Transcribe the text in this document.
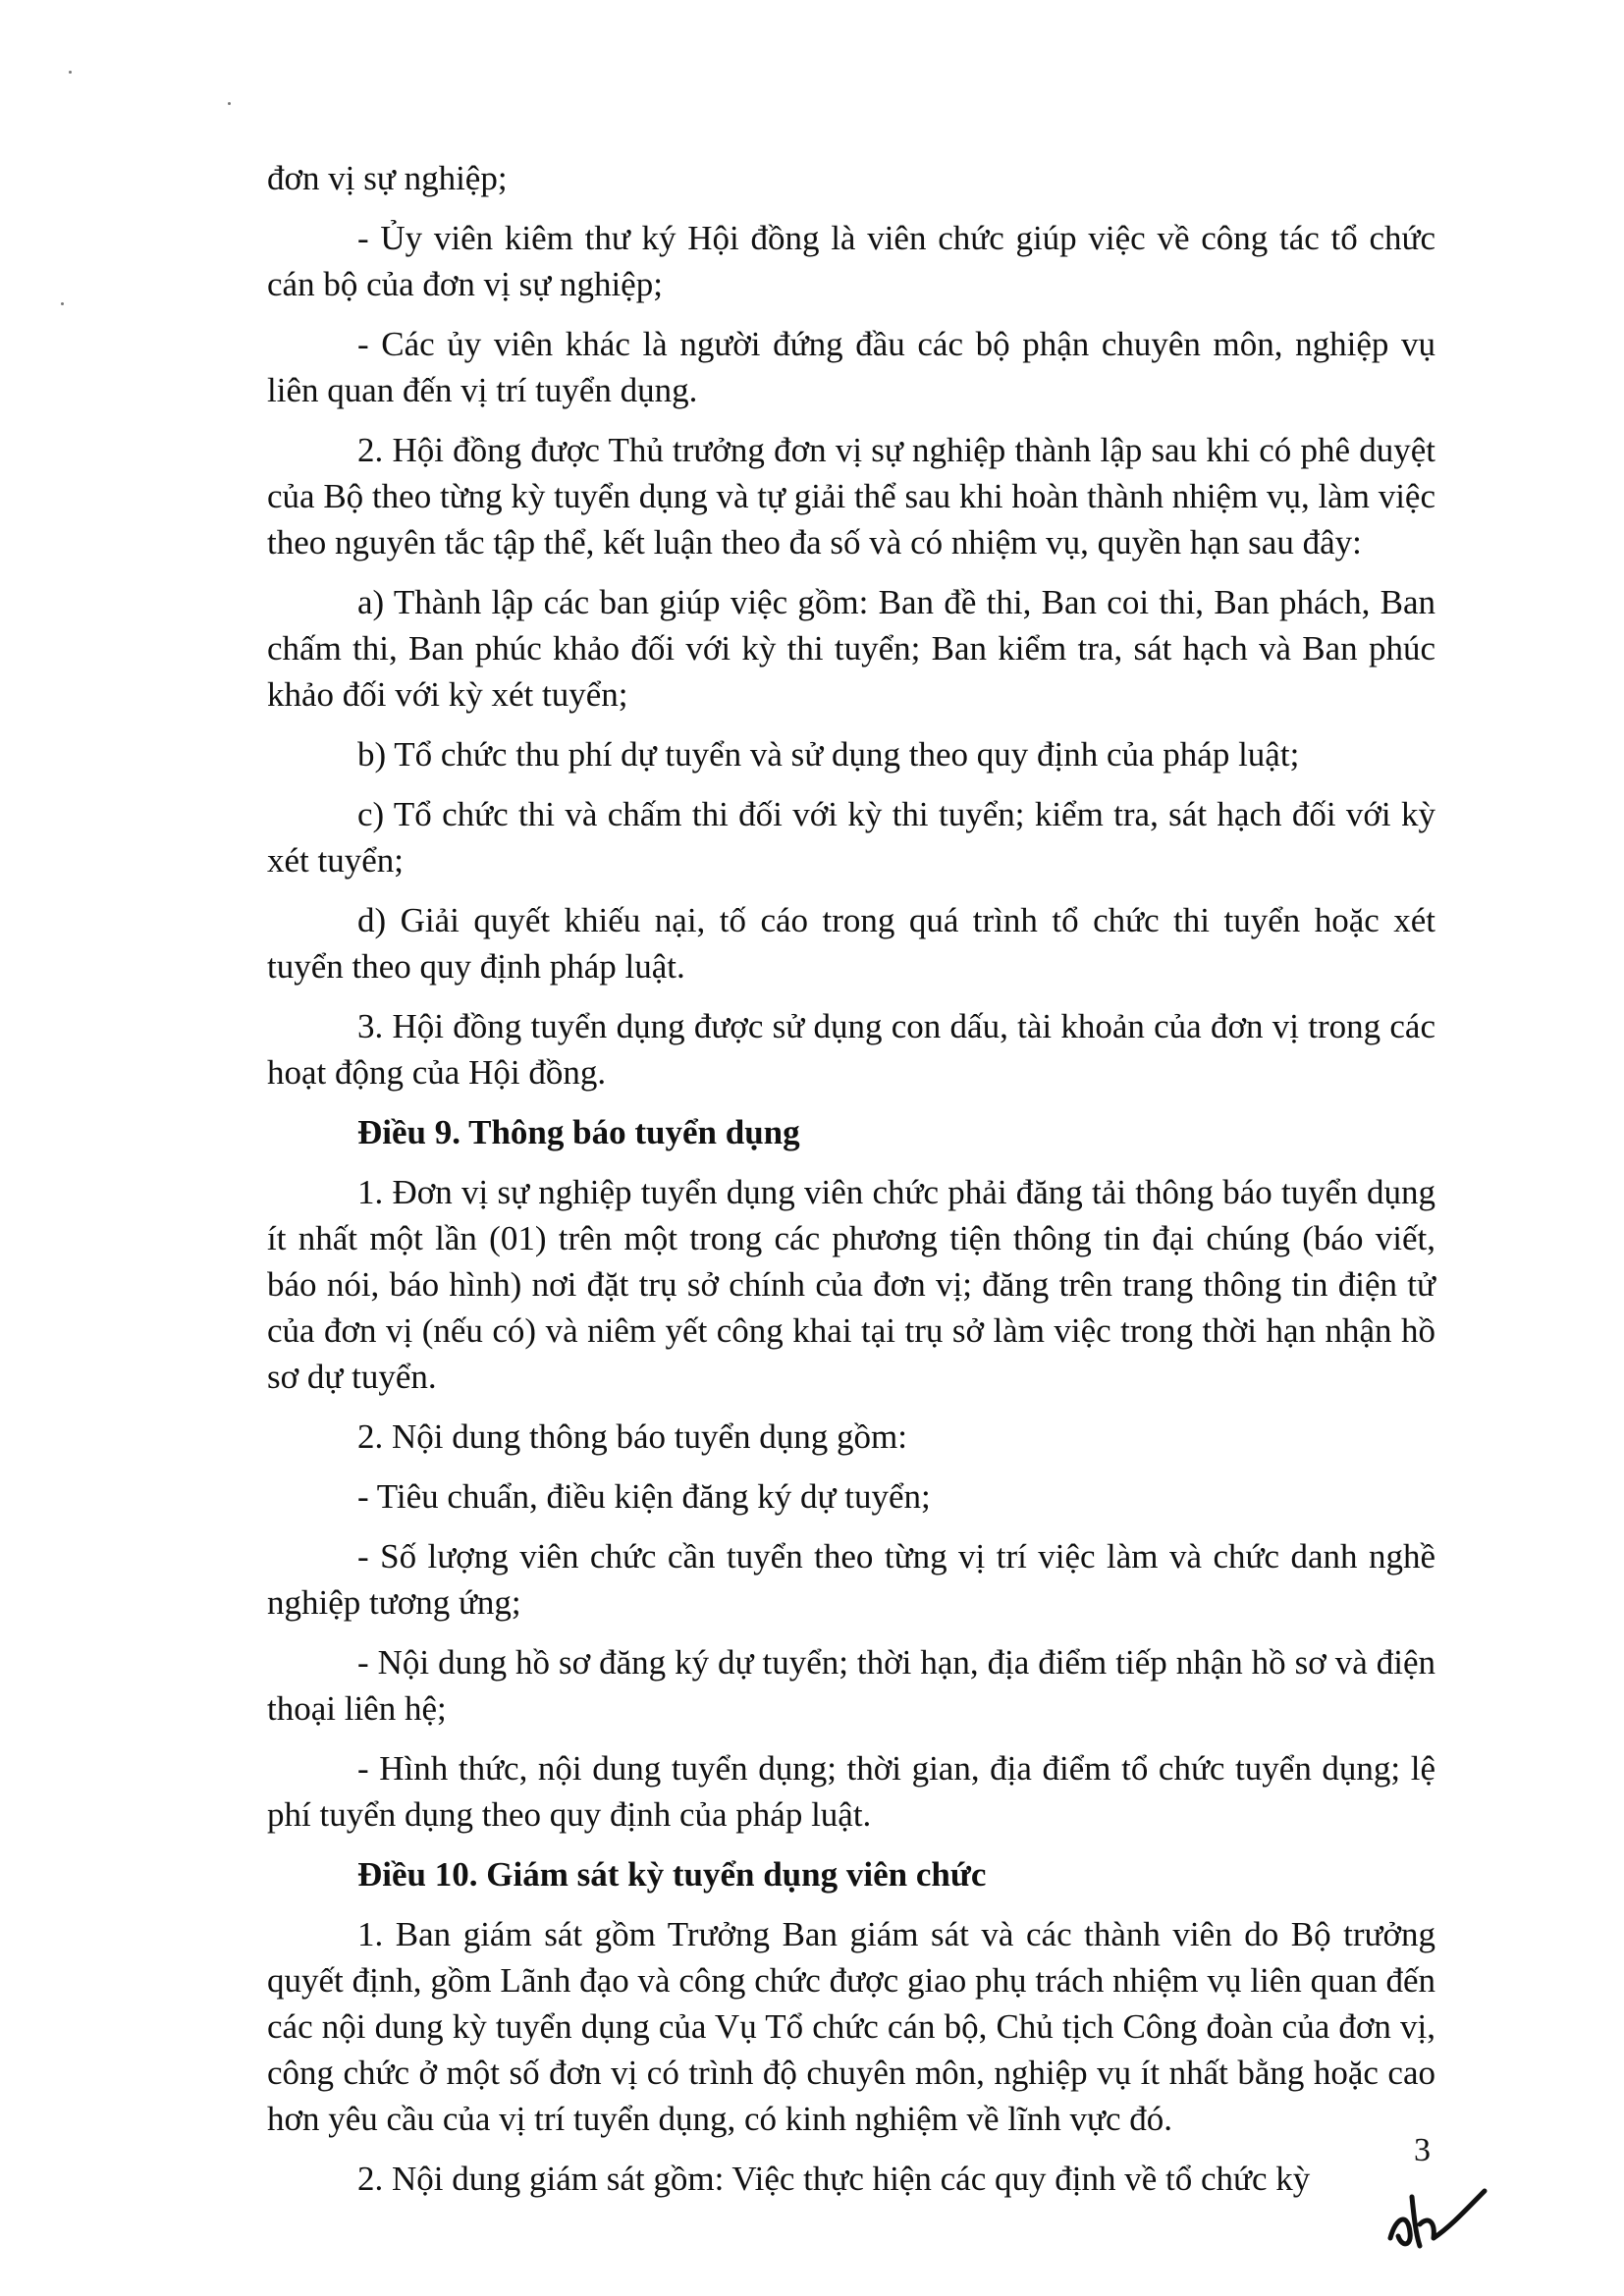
đơn vị sự nghiệp;

- Ủy viên kiêm thư ký Hội đồng là viên chức giúp việc về công tác tổ chức cán bộ của đơn vị sự nghiệp;

- Các ủy viên khác là người đứng đầu các bộ phận chuyên môn, nghiệp vụ liên quan đến vị trí tuyển dụng.

2. Hội đồng được Thủ trưởng đơn vị sự nghiệp thành lập sau khi có phê duyệt của Bộ theo từng kỳ tuyển dụng và tự giải thể sau khi hoàn thành nhiệm vụ, làm việc theo nguyên tắc tập thể, kết luận theo đa số và có nhiệm vụ, quyền hạn sau đây:

a) Thành lập các ban giúp việc gồm: Ban đề thi, Ban coi thi, Ban phách, Ban chấm thi, Ban phúc khảo đối với kỳ thi tuyển; Ban kiểm tra, sát hạch và Ban phúc khảo đối với kỳ xét tuyển;

b) Tổ chức thu phí dự tuyển và sử dụng theo quy định của pháp luật;

c) Tổ chức thi và chấm thi đối với kỳ thi tuyển; kiểm tra, sát hạch đối với kỳ xét tuyển;

d) Giải quyết khiếu nại, tố cáo trong quá trình tổ chức thi tuyển hoặc xét tuyển theo quy định pháp luật.

3. Hội đồng tuyển dụng được sử dụng con dấu, tài khoản của đơn vị trong các hoạt động của Hội đồng.

Điều 9. Thông báo tuyển dụng

1. Đơn vị sự nghiệp tuyển dụng viên chức phải đăng tải thông báo tuyển dụng ít nhất một lần (01) trên một trong các phương tiện thông tin đại chúng (báo viết, báo nói, báo hình) nơi đặt trụ sở chính của đơn vị; đăng trên trang thông tin điện tử của đơn vị (nếu có) và niêm yết công khai tại trụ sở làm việc trong thời hạn nhận hồ sơ dự tuyển.

2. Nội dung thông báo tuyển dụng gồm:

- Tiêu chuẩn, điều kiện đăng ký dự tuyển;

- Số lượng viên chức cần tuyển theo từng vị trí việc làm và chức danh nghề nghiệp tương ứng;

- Nội dung hồ sơ đăng ký dự tuyển; thời hạn, địa điểm tiếp nhận hồ sơ và điện thoại liên hệ;

- Hình thức, nội dung tuyển dụng; thời gian, địa điểm tổ chức tuyển dụng; lệ phí tuyển dụng theo quy định của pháp luật.

Điều 10. Giám sát kỳ tuyển dụng viên chức

1. Ban giám sát gồm Trưởng Ban giám sát và các thành viên do Bộ trưởng quyết định, gồm Lãnh đạo và công chức được giao phụ trách nhiệm vụ liên quan đến các nội dung kỳ tuyển dụng của Vụ Tổ chức cán bộ, Chủ tịch Công đoàn của đơn vị, công chức ở một số đơn vị có trình độ chuyên môn, nghiệp vụ ít nhất bằng hoặc cao hơn yêu cầu của vị trí tuyển dụng, có kinh nghiệm về lĩnh vực đó.

2. Nội dung giám sát gồm: Việc thực hiện các quy định về tổ chức kỳ

3
